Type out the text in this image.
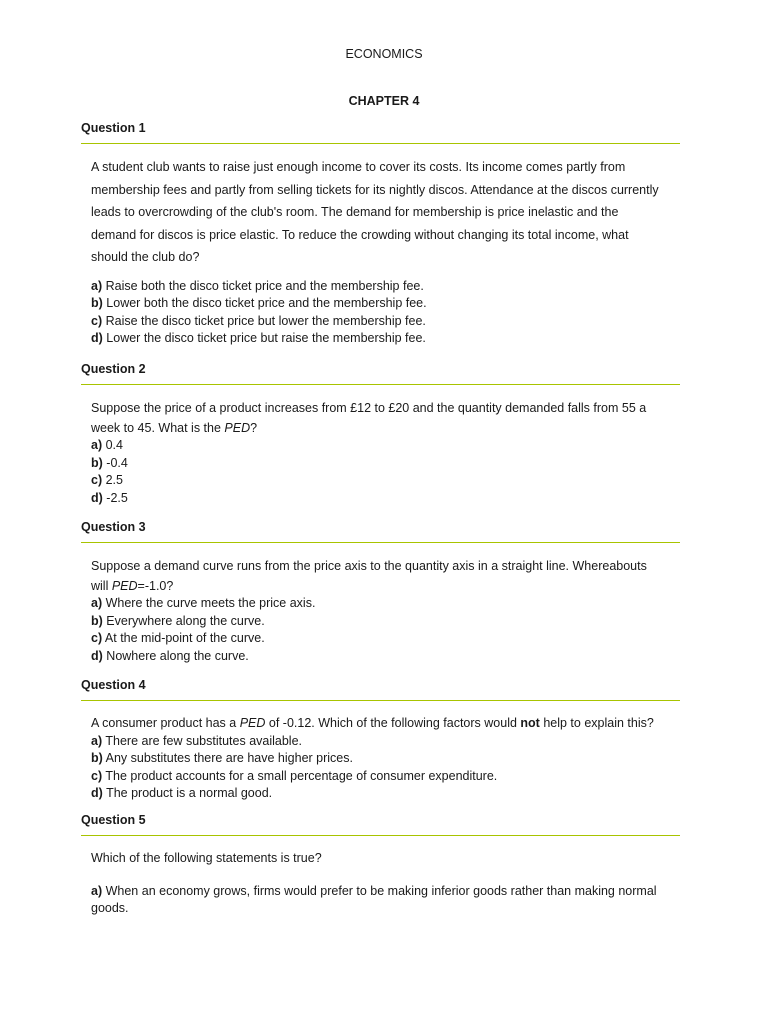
ECONOMICS
CHAPTER 4
Question 1
A student club wants to raise just enough income to cover its costs. Its income comes partly from
membership fees and partly from selling tickets for its nightly discos. Attendance at the discos currently
leads to overcrowding of the club's room. The demand for membership is price inelastic and the
demand for discos is price elastic. To reduce the crowding without changing its total income, what
should the club do?
a) Raise both the disco ticket price and the membership fee.
b) Lower both the disco ticket price and the membership fee.
c) Raise the disco ticket price but lower the membership fee.
d) Lower the disco ticket price but raise the membership fee.
Question 2
Suppose the price of a product increases from £12 to £20 and the quantity demanded falls from 55 a
week to 45. What is the PED?
a) 0.4
b) -0.4
c) 2.5
d) -2.5
Question 3
Suppose a demand curve runs from the price axis to the quantity axis in a straight line. Whereabouts
will PED=-1.0?
a) Where the curve meets the price axis.
b) Everywhere along the curve.
c) At the mid-point of the curve.
d) Nowhere along the curve.
Question 4
A consumer product has a PED of -0.12. Which of the following factors would not help to explain this?
a) There are few substitutes available.
b) Any substitutes there are have higher prices.
c) The product accounts for a small percentage of consumer expenditure.
d) The product is a normal good.
Question 5
Which of the following statements is true?
a) When an economy grows, firms would prefer to be making inferior goods rather than making normal
goods.
